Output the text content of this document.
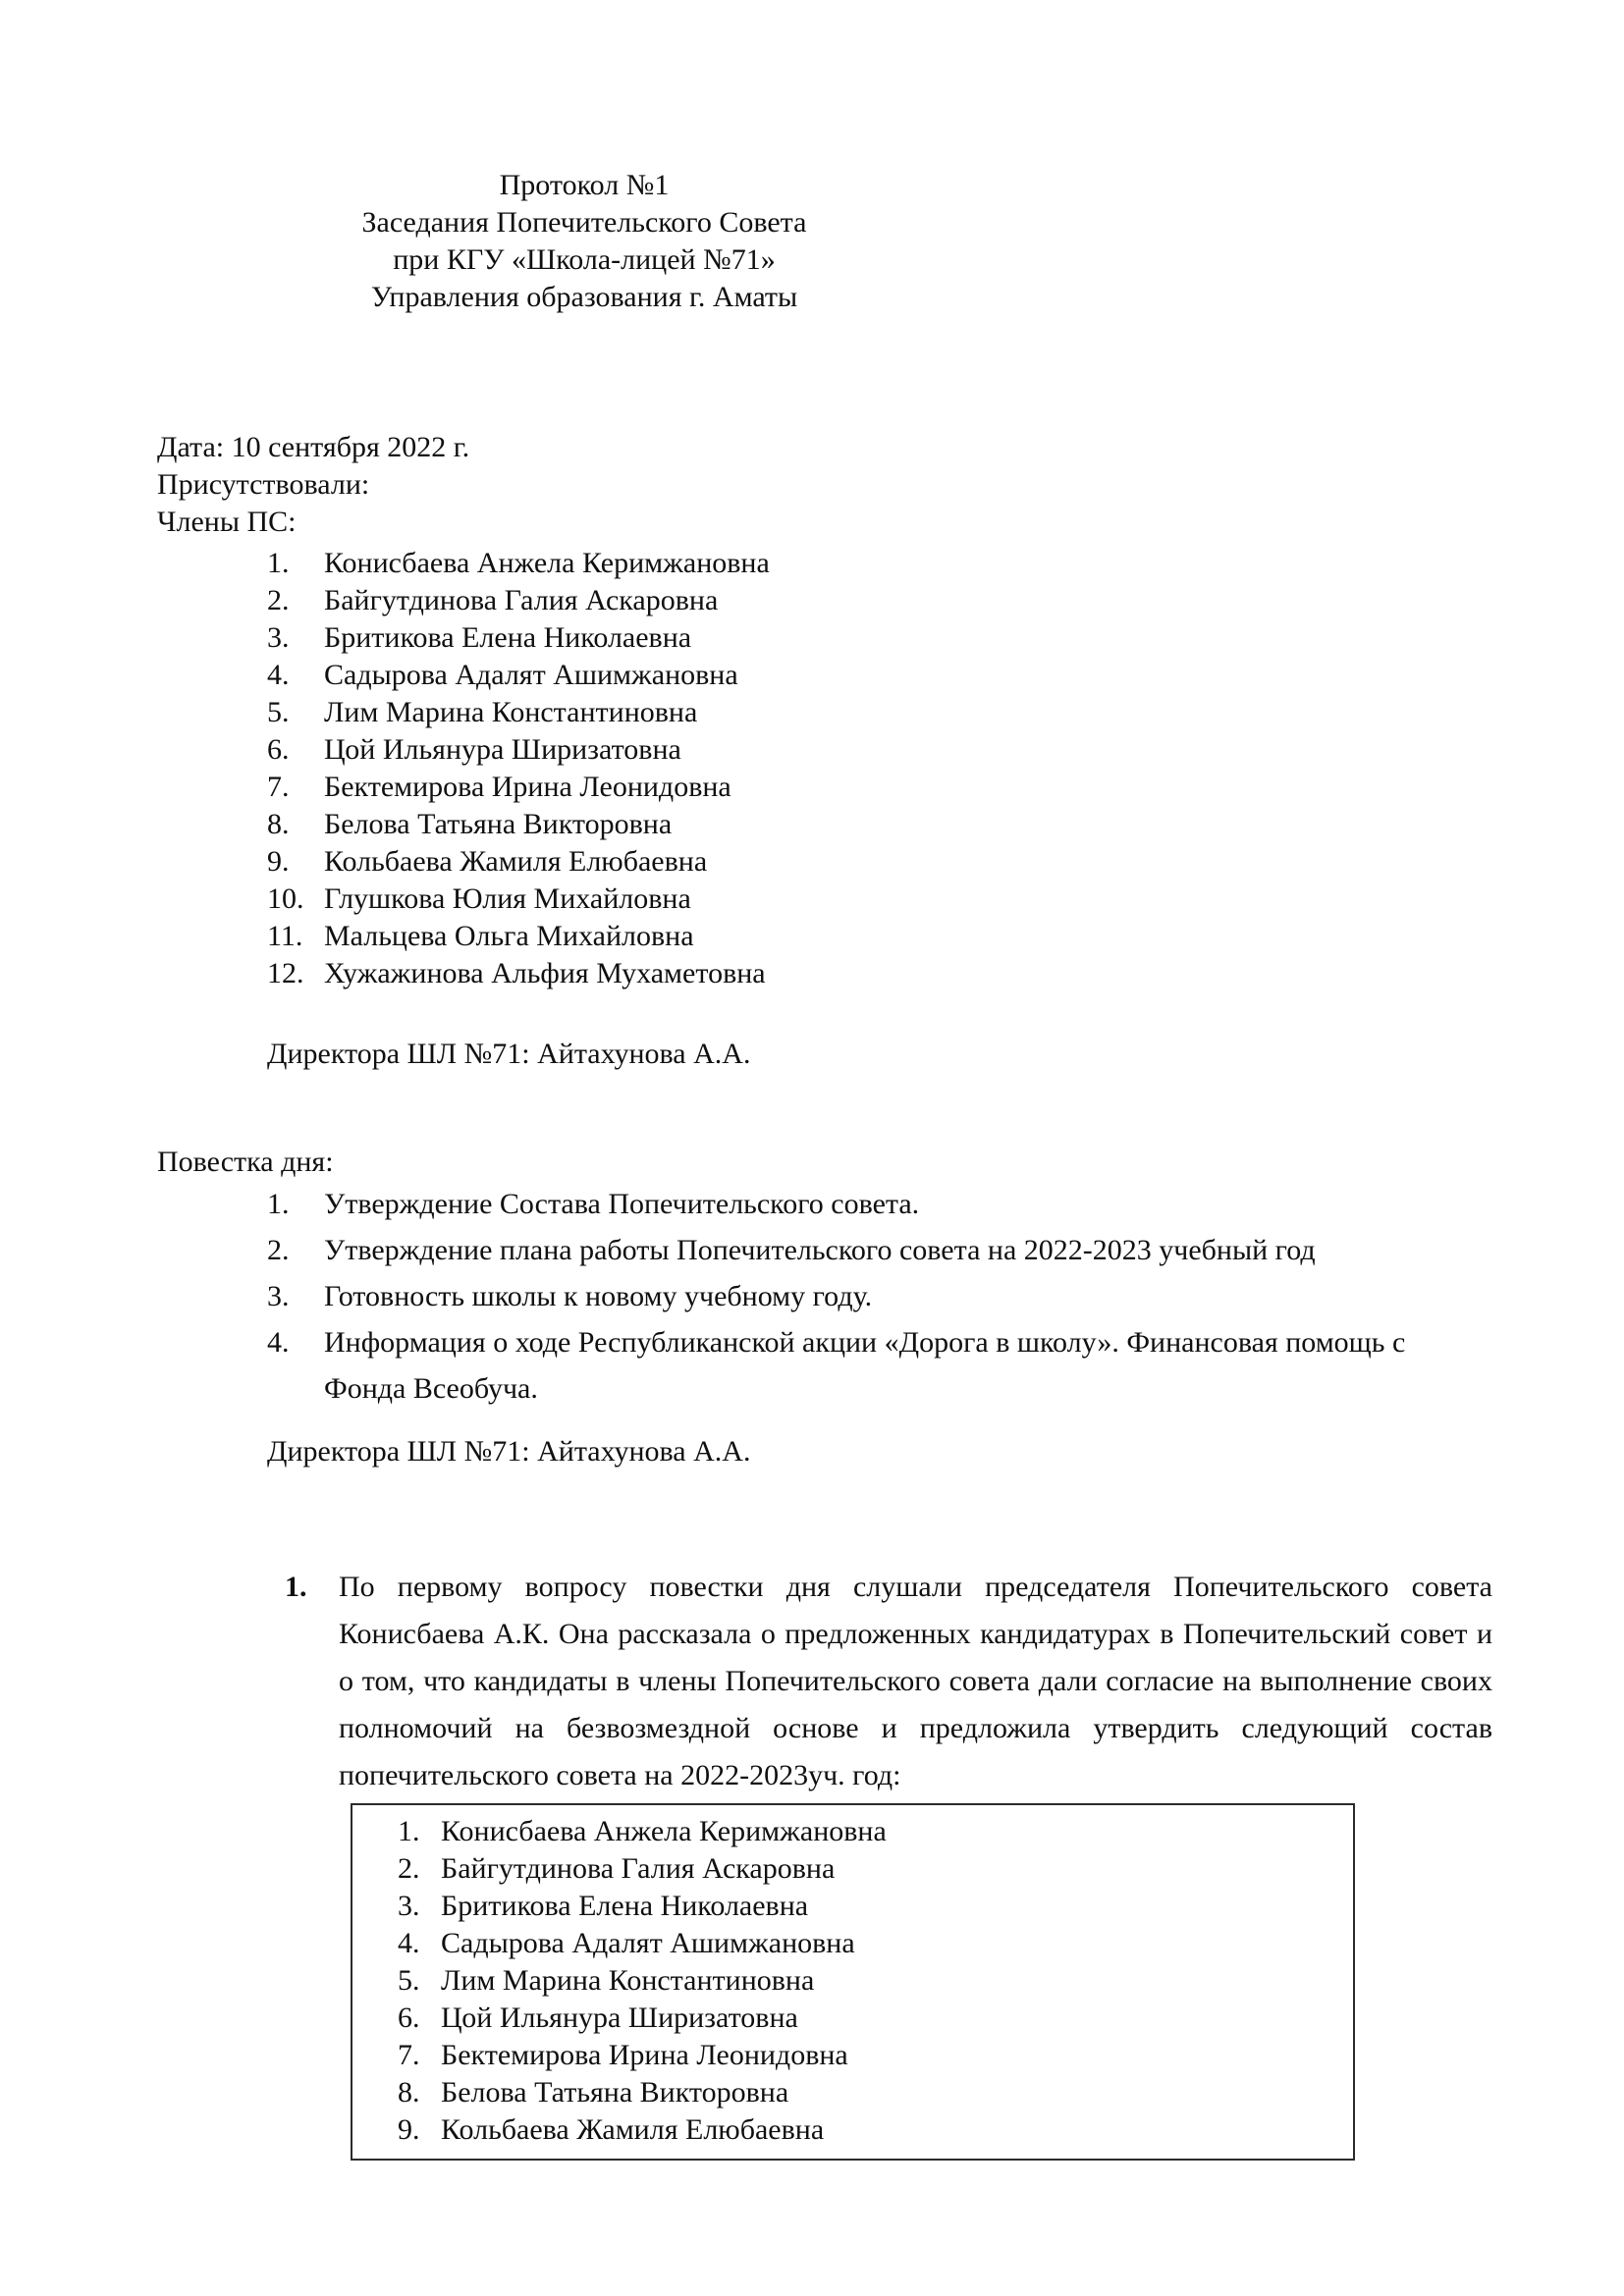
Протокол №1
Заседания Попечительского Совета
при КГУ «Школа-лицей №71»
Управления образования г. Аматы
Дата: 10 сентября 2022 г.
Присутствовали:
Члены ПС:
Конисбаева Анжела Керимжановна
Байгутдинова Галия Аскаровна
Бритикова Елена Николаевна
Садырова Адалят Ашимжановна
Лим Марина Константиновна
Цой Ильянура Ширизатовна
Бектемирова Ирина Леонидовна
Белова Татьяна Викторовна
Кольбаева Жамиля Елюбаевна
Глушкова Юлия Михайловна
Мальцева Ольга Михайловна
Хужажинова Альфия Мухаметовна
Директора ШЛ №71: Айтахунова А.А.
Повестка дня:
Утверждение Состава Попечительского совета.
Утверждение плана работы Попечительского совета на 2022-2023 учебный год
Готовность школы к новому учебному году.
Информация о ходе Республиканской акции «Дорога в школу». Финансовая помощь с Фонда Всеобуча.
Директора ШЛ №71: Айтахунова А.А.
1.	По первому вопросу повестки дня слушали председателя Попечительского совета Конисбаева А.К. Она рассказала о предложенных кандидатурах в Попечительский совет и о том, что кандидаты в члены Попечительского совета дали согласие на выполнение своих полномочий на безвозмездной основе и предложила утвердить следующий состав попечительского совета на 2022-2023уч. год:

Конисбаева Анжела Керимжановна
Байгутдинова Галия Аскаровна
Бритикова Елена Николаевна
Садырова Адалят Ашимжановна
Лим Марина Константиновна
Цой Ильянура Ширизатовна
Бектемирова Ирина Леонидовна
Белова Татьяна Викторовна
Кольбаева Жамиля Елюбаевна
